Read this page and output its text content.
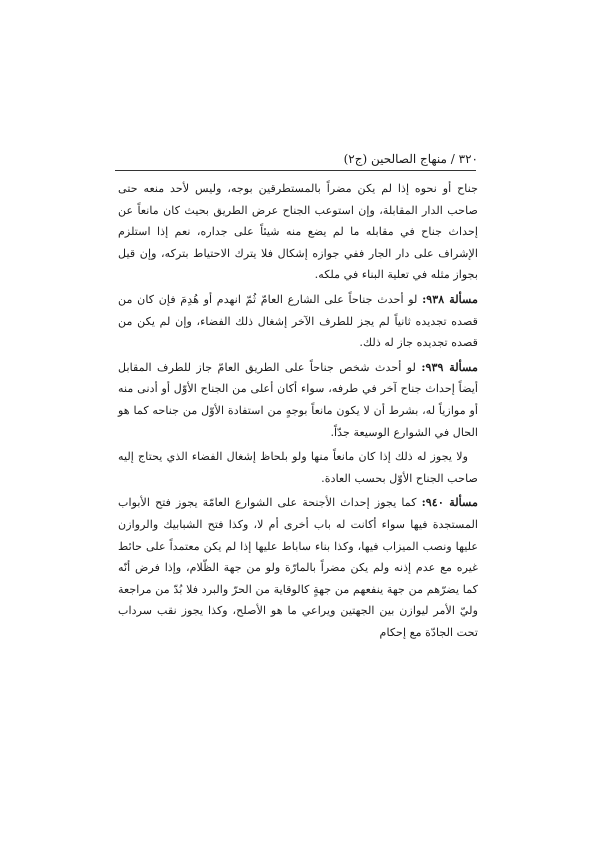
٣٢٠ / منهاج الصالحين (ج٢)

جناح أو نحوه إذا لم يكن مضراً بالمستطرقين بوجه، وليس لأحد منعه حتى صاحب الدار المقابلة، وإن استوعب الجناح عرض الطريق بحيث كان مانعاً عن إحداث جناح في مقابله ما لم يضع منه شيئاً على جداره، نعم إذا استلزم الإشراف على دار الجار ففي جوازه إشكال فلا يترك الاحتياط بتركه، وإن قيل بجواز مثله في تعلية البناء في ملكه.

مسألة ٩٣٨: لو أحدث جناحاً على الشارع العامّ ثُمّ انهدم أو هُدِمَ فإن كان من قصده تجديده ثانياً لم يجز للطرف الآخر إشغال ذلك الفضاء، وإن لم يكن من قصده تجديده جاز له ذلك.

مسألة ٩٣٩: لو أحدث شخص جناحاً على الطريق العامّ جاز للطرف المقابل أيضاً إحداث جناح آخر في طرفه، سواء أكان أعلى من الجناح الأوّل أو أدنى منه أو موازياً له، بشرط أن لا يكون مانعاً بوجهٍ من استفادة الأوّل من جناحه كما هو الحال في الشوارع الوسيعة جدّاً.

ولا يجوز له ذلك إذا كان مانعاً منها ولو بلحاظ إشغال الفضاء الذي يحتاج إليه صاحب الجناح الأوّل بحسب العادة.

مسألة ٩٤٠: كما يجوز إحداث الأجنحة على الشوارع العامّة يجوز فتح الأبواب المستجدة فيها سواء أكانت له باب أخرى أم لا، وكذا فتح الشبابيك والروازن عليها ونصب الميزاب فيها، وكذا بناء ساباط عليها إذا لم يكن معتمداً على حائط غيره مع عدم إذنه ولم يكن مضراً بالمارّة ولو من جهة الظّلام، وإذا فرض أنّه كما يضرّهم من جهة ينفعهم من جهةٍ كالوقاية من الحرّ والبرد فلا بُدّ من مراجعة وليّ الأمر ليوازن بين الجهتين ويراعي ما هو الأصلح، وكذا يجوز نقب سرداب تحت الجادّة مع إحكام
